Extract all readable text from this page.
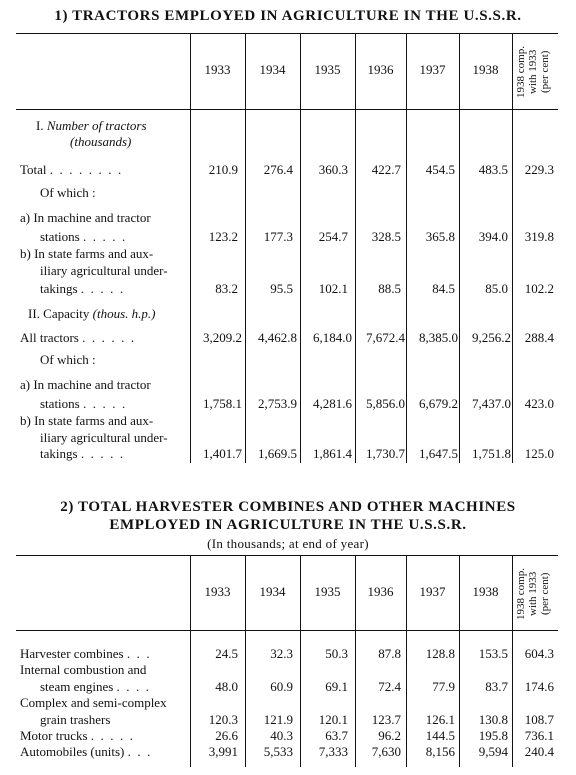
1) TRACTORS EMPLOYED IN AGRICULTURE IN THE U.S.S.R.
1933	1934	1935	1936	1937	1938	1938 comp. with 1933 (per cent)
I. Number of tractors
(thousands)
Total .  .  .  .  .  .  .  .	210.9	276.4	360.3	422.7	454.5	483.5	229.3
Of which :
a) In machine and tractor
stations .  .  .  .  .	123.2	177.3	254.7	328.5	365.8	394.0	319.8
b) In state farms and aux-
iliary agricultural under-
takings .  .  .  .  .	83.2	95.5	102.1	88.5	84.5	85.0	102.2
II. Capacity (thous. h.p.)
All tractors .  .  .  .  .  .	3,209.2	4,462.8	6,184.0	7,672.4	8,385.0	9,256.2	288.4
Of which :
a) In machine and tractor
stations .  .  .  .  .	1,758.1	2,753.9	4,281.6	5,856.0	6,679.2	7,437.0	423.0
b) In state farms and aux-
iliary agricultural under-
takings .  .  .  .  .	1,401.7	1,669.5	1,861.4	1,730.7	1,647.5	1,751.8	125.0
2) TOTAL HARVESTER COMBINES AND OTHER MACHINES
EMPLOYED IN AGRICULTURE IN THE U.S.S.R.
(In thousands; at end of year)
1933	1934	1935	1936	1937	1938	1938 comp. with 1933 (per cent)
Harvester combines .  .  .	24.5	32.3	50.3	87.8	128.8	153.5	604.3
Internal combustion and
steam engines .  .  .  .	48.0	60.9	69.1	72.4	77.9	83.7	174.6
Complex and semi-complex
grain trashers	120.3	121.9	120.1	123.7	126.1	130.8	108.7
Motor trucks .  .  .  .  .	26.6	40.3	63.7	96.2	144.5	195.8	736.1
Automobiles (units) .  .  .	3,991	5,533	7,333	7,630	8,156	9,594	240.4
